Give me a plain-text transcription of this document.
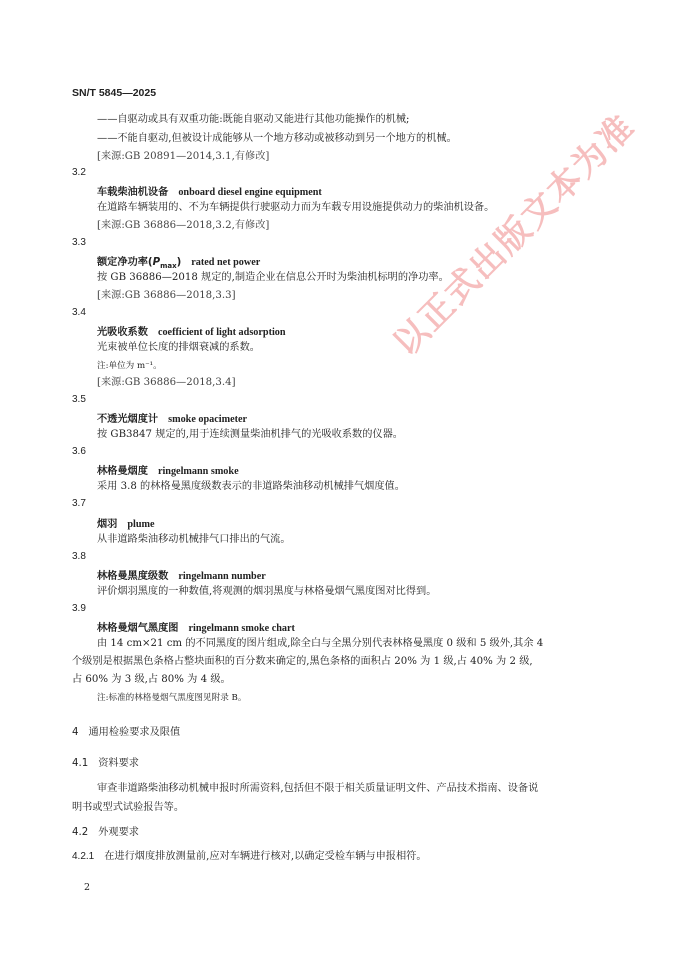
SN/T 5845—2025
——自驱动或具有双重功能:既能自驱动又能进行其他功能操作的机械;
——不能自驱动,但被设计成能够从一个地方移动或被移动到另一个地方的机械。
[来源:GB 20891—2014,3.1,有修改]
3.2
车载柴油机设备 onboard diesel engine equipment
在道路车辆装用的、不为车辆提供行驶驱动力而为车载专用设施提供动力的柴油机设备。
[来源:GB 36886—2018,3.2,有修改]
3.3
额定净功率$(P_{max})$ rated net power
按 GB 36886—2018 规定的,制造企业在信息公开时为柴油机标明的净功率。
[来源:GB 36886—2018,3.3]
3.4
光吸收系数 coefficient of light adsorption
光束被单位长度的排烟衰减的系数。
注:单位为 m⁻¹。
[来源:GB 36886—2018,3.4]
3.5
不透光烟度计 smoke opacimeter
按 GB3847 规定的,用于连续测量柴油机排气的光吸收系数的仪器。
3.6
林格曼烟度 ringelmann smoke
采用 3.8 的林格曼黑度级数表示的非道路柴油移动机械排气烟度值。
3.7
烟羽 plume
从非道路柴油移动机械排气口排出的气流。
3.8
林格曼黑度级数 ringelmann number
评价烟羽黑度的一种数值,将观测的烟羽黑度与林格曼烟气黑度图对比得到。
3.9
林格曼烟气黑度图 ringelmann smoke chart
由 14 cm×21 cm 的不同黑度的图片组成,除全白与全黑分别代表林格曼黑度 0 级和 5 级外,其余 4
个级别是根据黑色条格占整块面积的百分数来确定的,黑色条格的面积占 20% 为 1 级,占 40% 为 2 级,
占 60% 为 3 级,占 80% 为 4 级。
注:标准的林格曼烟气黑度图见附录 B。
4 通用检验要求及限值
4.1 资料要求
审查非道路柴油移动机械申报时所需资料,包括但不限于相关质量证明文件、产品技术指南、设备说
明书或型式试验报告等。
4.2 外观要求
4.2.1 在进行烟度排放测量前,应对车辆进行核对,以确定受检车辆与申报相符。
2
以正式出版文本为准
